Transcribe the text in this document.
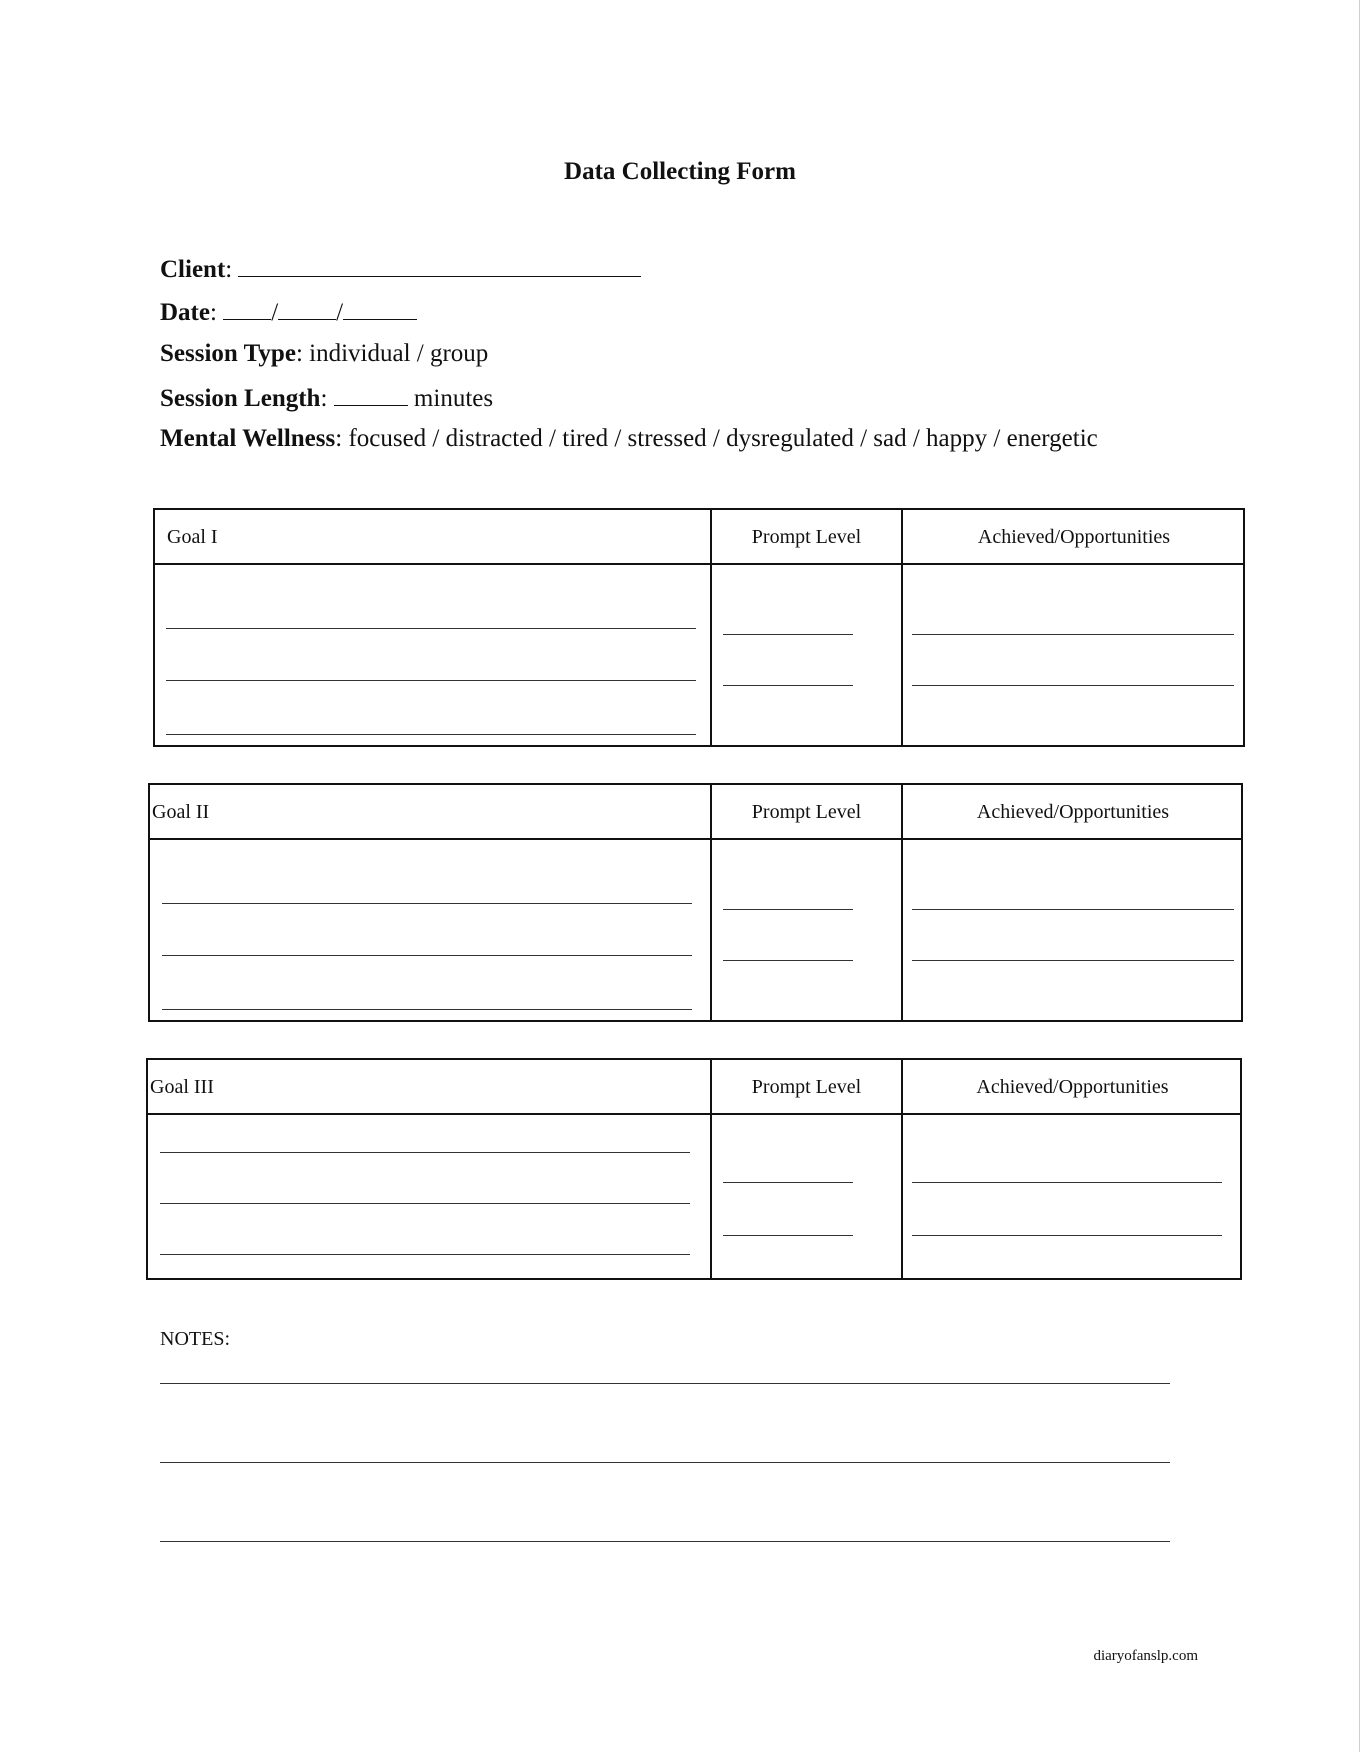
Data Collecting Form
Client:
Date: / /
Session Type: individual / group
Session Length:	minutes
Mental Wellness: focused / distracted / tired / stressed / dysregulated / sad / happy / energetic
Goal I	Prompt Level	Achieved/Opportunities
Goal II	Prompt Level	Achieved/Opportunities
Goal III	Prompt Level	Achieved/Opportunities
NOTES:
diaryofanslp.com
